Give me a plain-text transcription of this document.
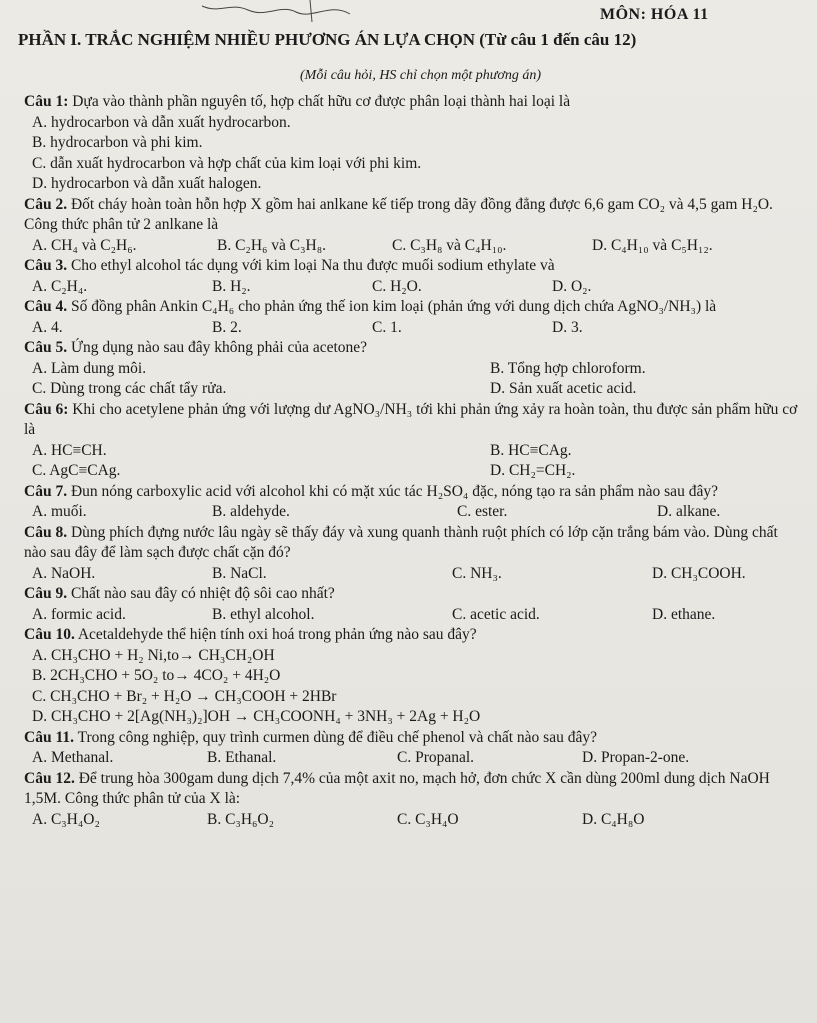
MÔN: HÓA 11
PHẦN I. TRẮC NGHIỆM NHIỀU PHƯƠNG ÁN LỰA CHỌN (Từ câu 1 đến câu 12)
(Mỗi câu hỏi, HS chỉ chọn một phương án)
Câu 1: Dựa vào thành phần nguyên tố, hợp chất hữu cơ được phân loại thành hai loại là
A. hydrocarbon và dẫn xuất hydrocarbon.
B. hydrocarbon và phi kim.
C. dẫn xuất hydrocarbon và hợp chất của kim loại với phi kim.
D. hydrocarbon và dẫn xuất halogen.
Câu 2. Đốt cháy hoàn toàn hỗn hợp X gồm hai anlkane kế tiếp trong dãy đồng đẳng được 6,6 gam CO₂ và 4,5 gam H₂O. Công thức phân tử 2 anlkane là
A. CH₄ và C₂H₆.	B. C₂H₆ và C₃H₈.	C. C₃H₈ và C₄H₁₀.	D. C₄H₁₀ và C₅H₁₂.
Câu 3. Cho ethyl alcohol tác dụng với kim loại Na thu được muối sodium ethylate và
A. C₂H₄.	B. H₂.	C. H₂O.	D. O₂.
Câu 4. Số đồng phân Ankin C₄H₆ cho phản ứng thế ion kim loại (phản ứng với dung dịch chứa AgNO₃/NH₃) là
A. 4.	B. 2.	C. 1.	D. 3.
Câu 5. Ứng dụng nào sau đây không phải của acetone?
A. Làm dung môi.	B. Tổng hợp chloroform.
C. Dùng trong các chất tẩy rửa.	D. Sản xuất acetic acid.
Câu 6: Khi cho acetylene phản ứng với lượng dư AgNO₃/NH₃ tới khi phản ứng xảy ra hoàn toàn, thu được sản phẩm hữu cơ là
A. HC≡CH.	B. HC≡CAg.
C. AgC≡CAg.	D. CH₂=CH₂.
Câu 7. Đun nóng carboxylic acid với alcohol khi có mặt xúc tác H₂SO₄ đặc, nóng tạo ra sản phẩm nào sau đây?
A. muối.	B. aldehyde.	C. ester.	D. alkane.
Câu 8. Dùng phích đựng nước lâu ngày sẽ thấy đáy và xung quanh thành ruột phích có lớp cặn trắng bám vào. Dùng chất nào sau đây để làm sạch được chất cặn đó?
A. NaOH.	B. NaCl.	C. NH₃.	D. CH₃COOH.
Câu 9. Chất nào sau đây có nhiệt độ sôi cao nhất?
A. formic acid.	B. ethyl alcohol.	C. acetic acid.	D. ethane.
Câu 10. Acetaldehyde thể hiện tính oxi hoá trong phản ứng nào sau đây?
A. CH₃CHO + H₂ Ni,to→ CH₃CH₂OH
B. 2CH₃CHO + 5O₂ to→ 4CO₂ + 4H₂O
C. CH₃CHO + Br₂ + H₂O → CH₃COOH + 2HBr
D. CH₃CHO + 2[Ag(NH₃)₂]OH → CH₃COONH₄ + 3NH₃ + 2Ag + H₂O
Câu 11. Trong công nghiệp, quy trình curmen dùng để điều chế phenol và chất nào sau đây?
A. Methanal.	B. Ethanal.	C. Propanal.	D. Propan-2-one.
Câu 12. Để trung hòa 300gam dung dịch 7,4% của một axit no, mạch hở, đơn chức X cần dùng 200ml dung dịch NaOH 1,5M. Công thức phân tử của X là:
A. C₃H₄O₂	B. C₃H₆O₂	C. C₃H₄O	D. C₄H₈O
